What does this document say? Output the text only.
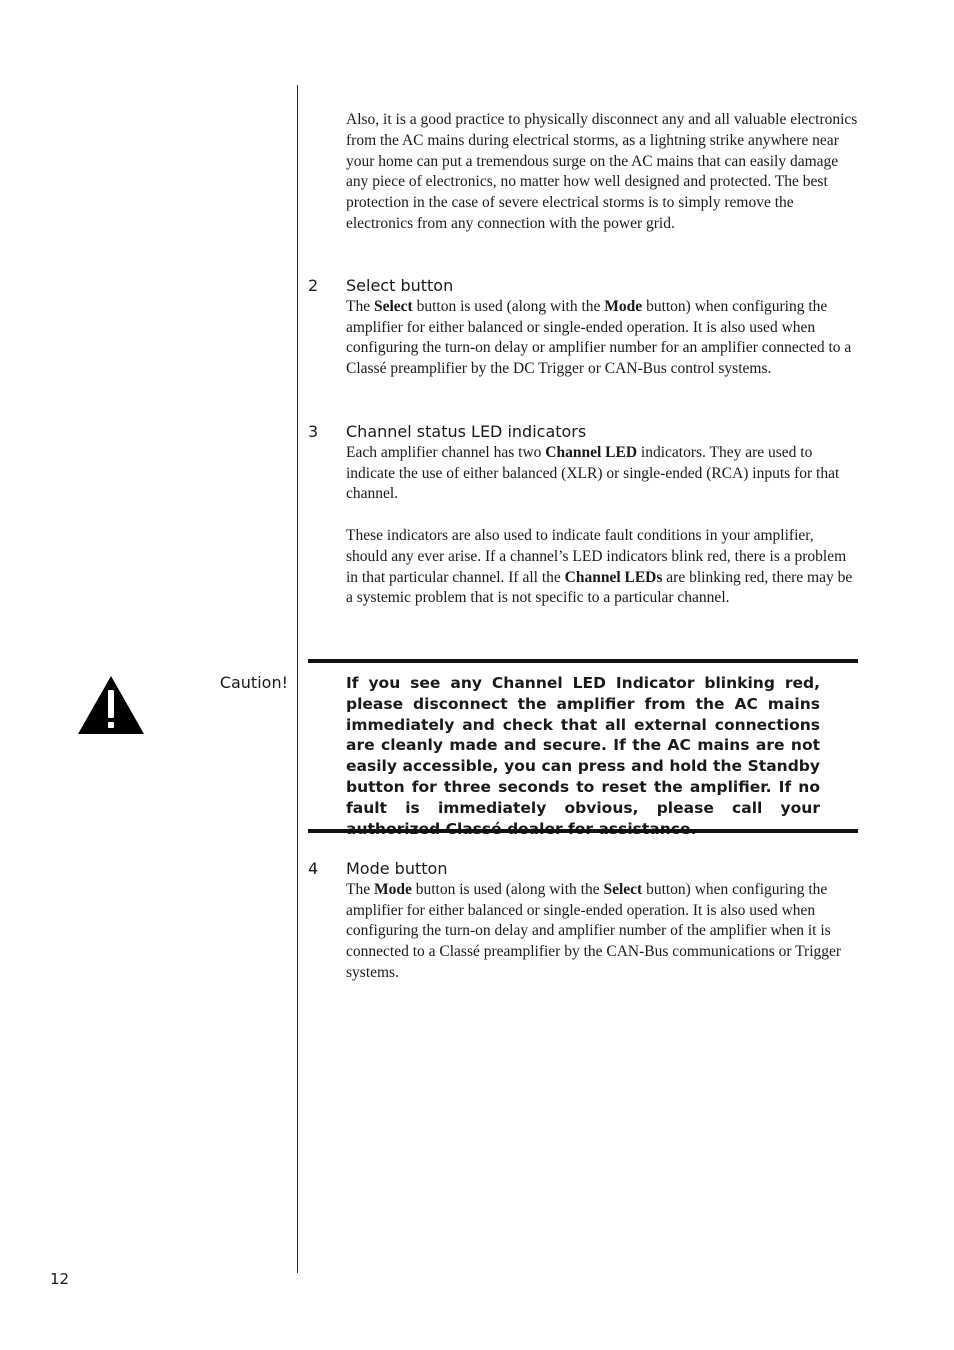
Also, it is a good practice to physically disconnect any and all valuable electronics from the AC mains during electrical storms, as a lightning strike anywhere near your home can put a tremendous surge on the AC mains that can easily damage any piece of electronics, no matter how well designed and protected. The best protection in the case of severe electrical storms is to simply remove the electronics from any connection with the power grid.

2 Select button

The Select button is used (along with the Mode button) when configuring the amplifier for either balanced or single-ended operation. It is also used when configuring the turn-on delay or amplifier number for an amplifier connected to a Classé preamplifier by the DC Trigger or CAN-Bus control systems.

3 Channel status LED indicators

Each amplifier channel has two Channel LED indicators. They are used to indicate the use of either balanced (XLR) or single-ended (RCA) inputs for that channel.

These indicators are also used to indicate fault conditions in your amplifier, should any ever arise. If a channel’s LED indicators blink red, there is a problem in that particular channel. If all the Channel LEDs are blinking red, there may be a systemic problem that is not specific to a particular channel.

Caution!	If you see any Channel LED Indicator blinking red, please disconnect the amplifier from the AC mains immediately and check that all external connections are cleanly made and secure. If the AC mains are not easily accessible, you can press and hold the Standby button for three seconds to reset the amplifier. If no fault is immediately obvious, please call your
4 Mode button

The Mode button is used (along with the Select button) when configuring the amplifier for either balanced or single-ended operation. It is also used when configuring the turn-on delay and amplifier number of the amplifier when it is connected to a Classé preamplifier by the CAN-Bus communications or Trigger systems.

12
